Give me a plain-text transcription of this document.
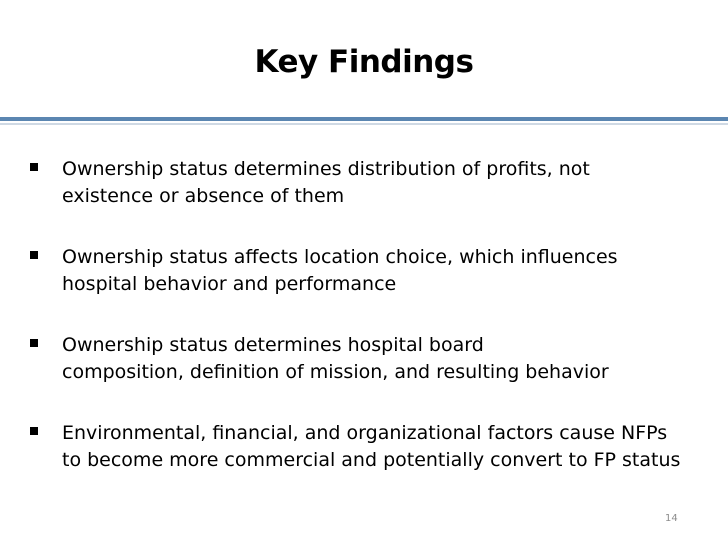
Key Findings
Ownership status determines distribution of profits, not
existence or absence of them
Ownership status affects location choice, which influences
hospital behavior and performance
Ownership status determines hospital board
composition, definition of mission, and resulting behavior
Environmental, financial, and organizational factors cause NFPs
to become more commercial and potentially convert to FP status
14
